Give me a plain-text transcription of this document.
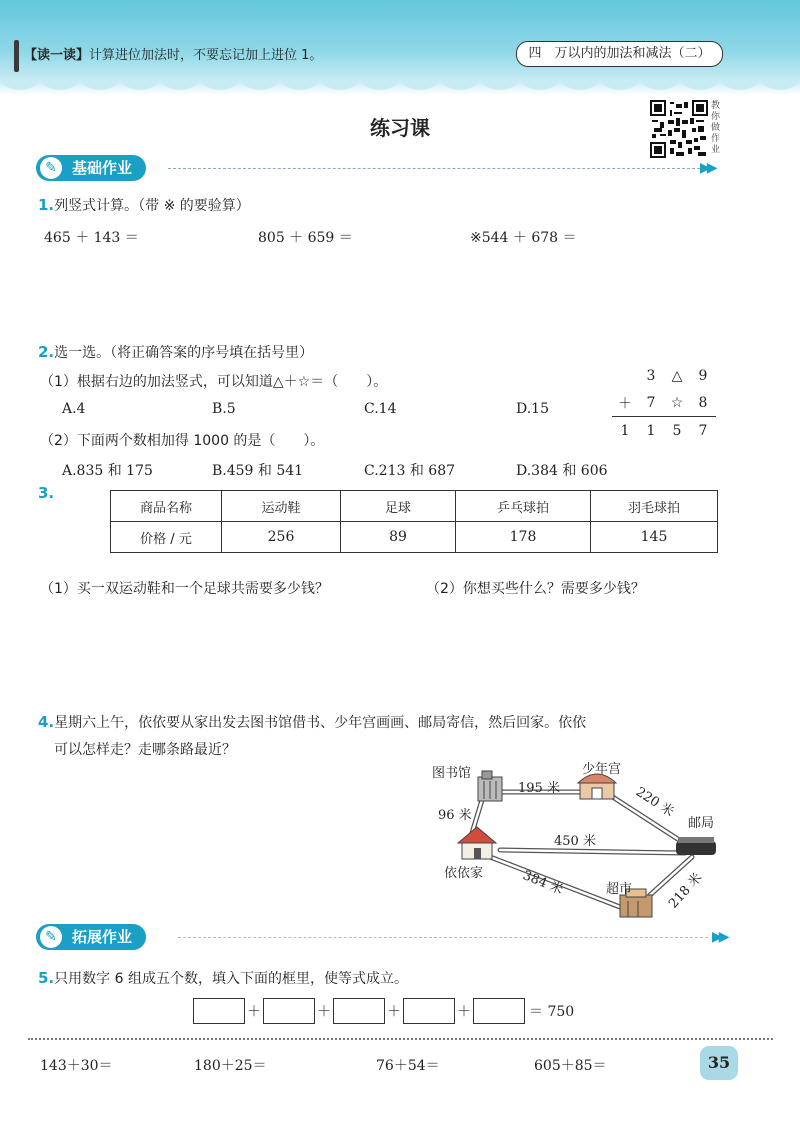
【读一读】计算进位加法时，不要忘记加上进位 1。	四　万以内的加法和减法（二）
练习课
教你做作业
✎	基础作业	▶▶
1.列竖式计算。（带 ※ 的要验算）
465 ＋ 143 ＝	805 ＋ 659 ＝	※544 ＋ 678 ＝
2.选一选。（将正确答案的序号填在括号里）
（1）根据右边的加法竖式，可以知道△＋☆＝（　　）。
A.4	B.5	C.14	D.15
（2）下面两个数相加得 1000 的是（　　）。
A.835 和 175	B.459 和 541	C.213 和 687	D.384 和 606
	3	△	9
＋	7	☆	8
1	1	5	7
3.
商品名称	运动鞋	足球	乒乓球拍	羽毛球拍
价格 / 元	256	89	178	145
（1）买一双运动鞋和一个足球共需要多少钱？	（2）你想买些什么？需要多少钱？
4.星期六上午，依依要从家出发去图书馆借书、少年宫画画、邮局寄信，然后回家。依依
可以怎样走？走哪条路最近？
图书馆	少年宫
邮局
依依家
超市
195 米
96 米
450 米
220 米
384 米	218 米
✎	拓展作业	▶▶
5.只用数字 6 组成五个数，填入下面的框里，使等式成立。
＋	＋	＋	＋	＝ 750
143＋30＝	180＋25＝	76＋54＝	605＋85＝	35
